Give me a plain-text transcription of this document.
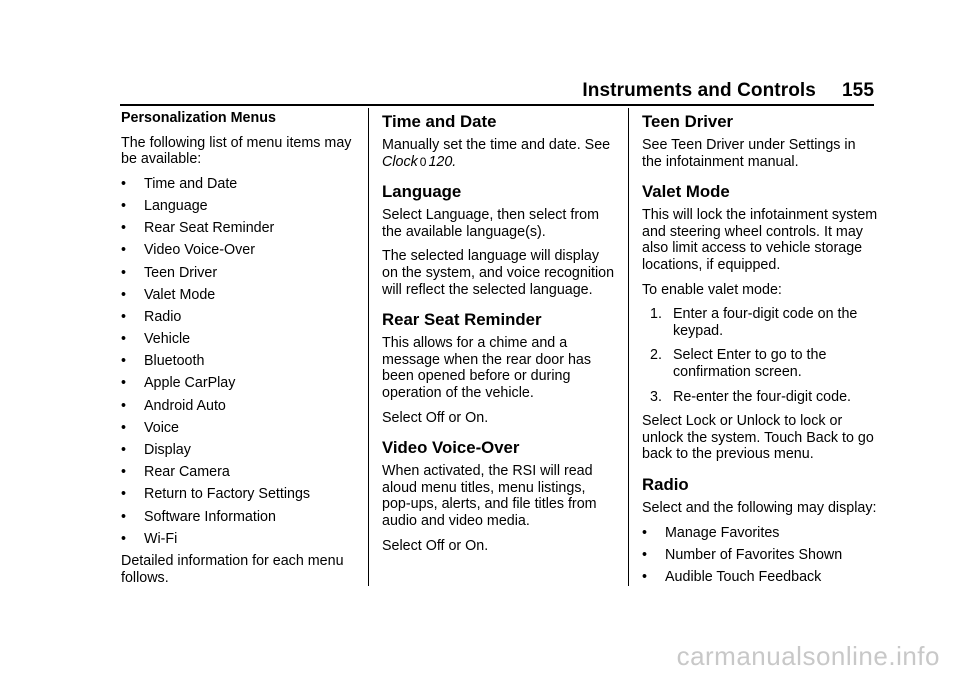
Instruments and Controls 155

Personalization Menus

The following list of menu items may be available:

• Time and Date
• Language
• Rear Seat Reminder
• Video Voice-Over
• Teen Driver
• Valet Mode
• Radio
• Vehicle
• Bluetooth
• Apple CarPlay
• Android Auto
• Voice
• Display
• Rear Camera
• Return to Factory Settings
• Software Information
• Wi-Fi

Detailed information for each menu follows.

Time and Date

Manually set the time and date. See
Clock 0 120.

Language

Select Language, then select from the available language(s).

The selected language will display on the system, and voice recognition will reflect the selected language.

Rear Seat Reminder

This allows for a chime and a message when the rear door has been opened before or during operation of the vehicle.

Select Off or On.

Video Voice-Over

When activated, the RSI will read aloud menu titles, menu listings, pop-ups, alerts, and file titles from audio and video media.

Select Off or On.

Teen Driver

See Teen Driver under Settings in the infotainment manual.

Valet Mode

This will lock the infotainment system and steering wheel controls. It may also limit access to vehicle storage locations, if equipped.

To enable valet mode:

1. Enter a four-digit code on the keypad.
2. Select Enter to go to the confirmation screen.
3. Re-enter the four-digit code.

Select Lock or Unlock to lock or unlock the system. Touch Back to go back to the previous menu.

Radio

Select and the following may display:

• Manage Favorites
• Number of Favorites Shown
• Audible Touch Feedback
carmanualsonline.info
